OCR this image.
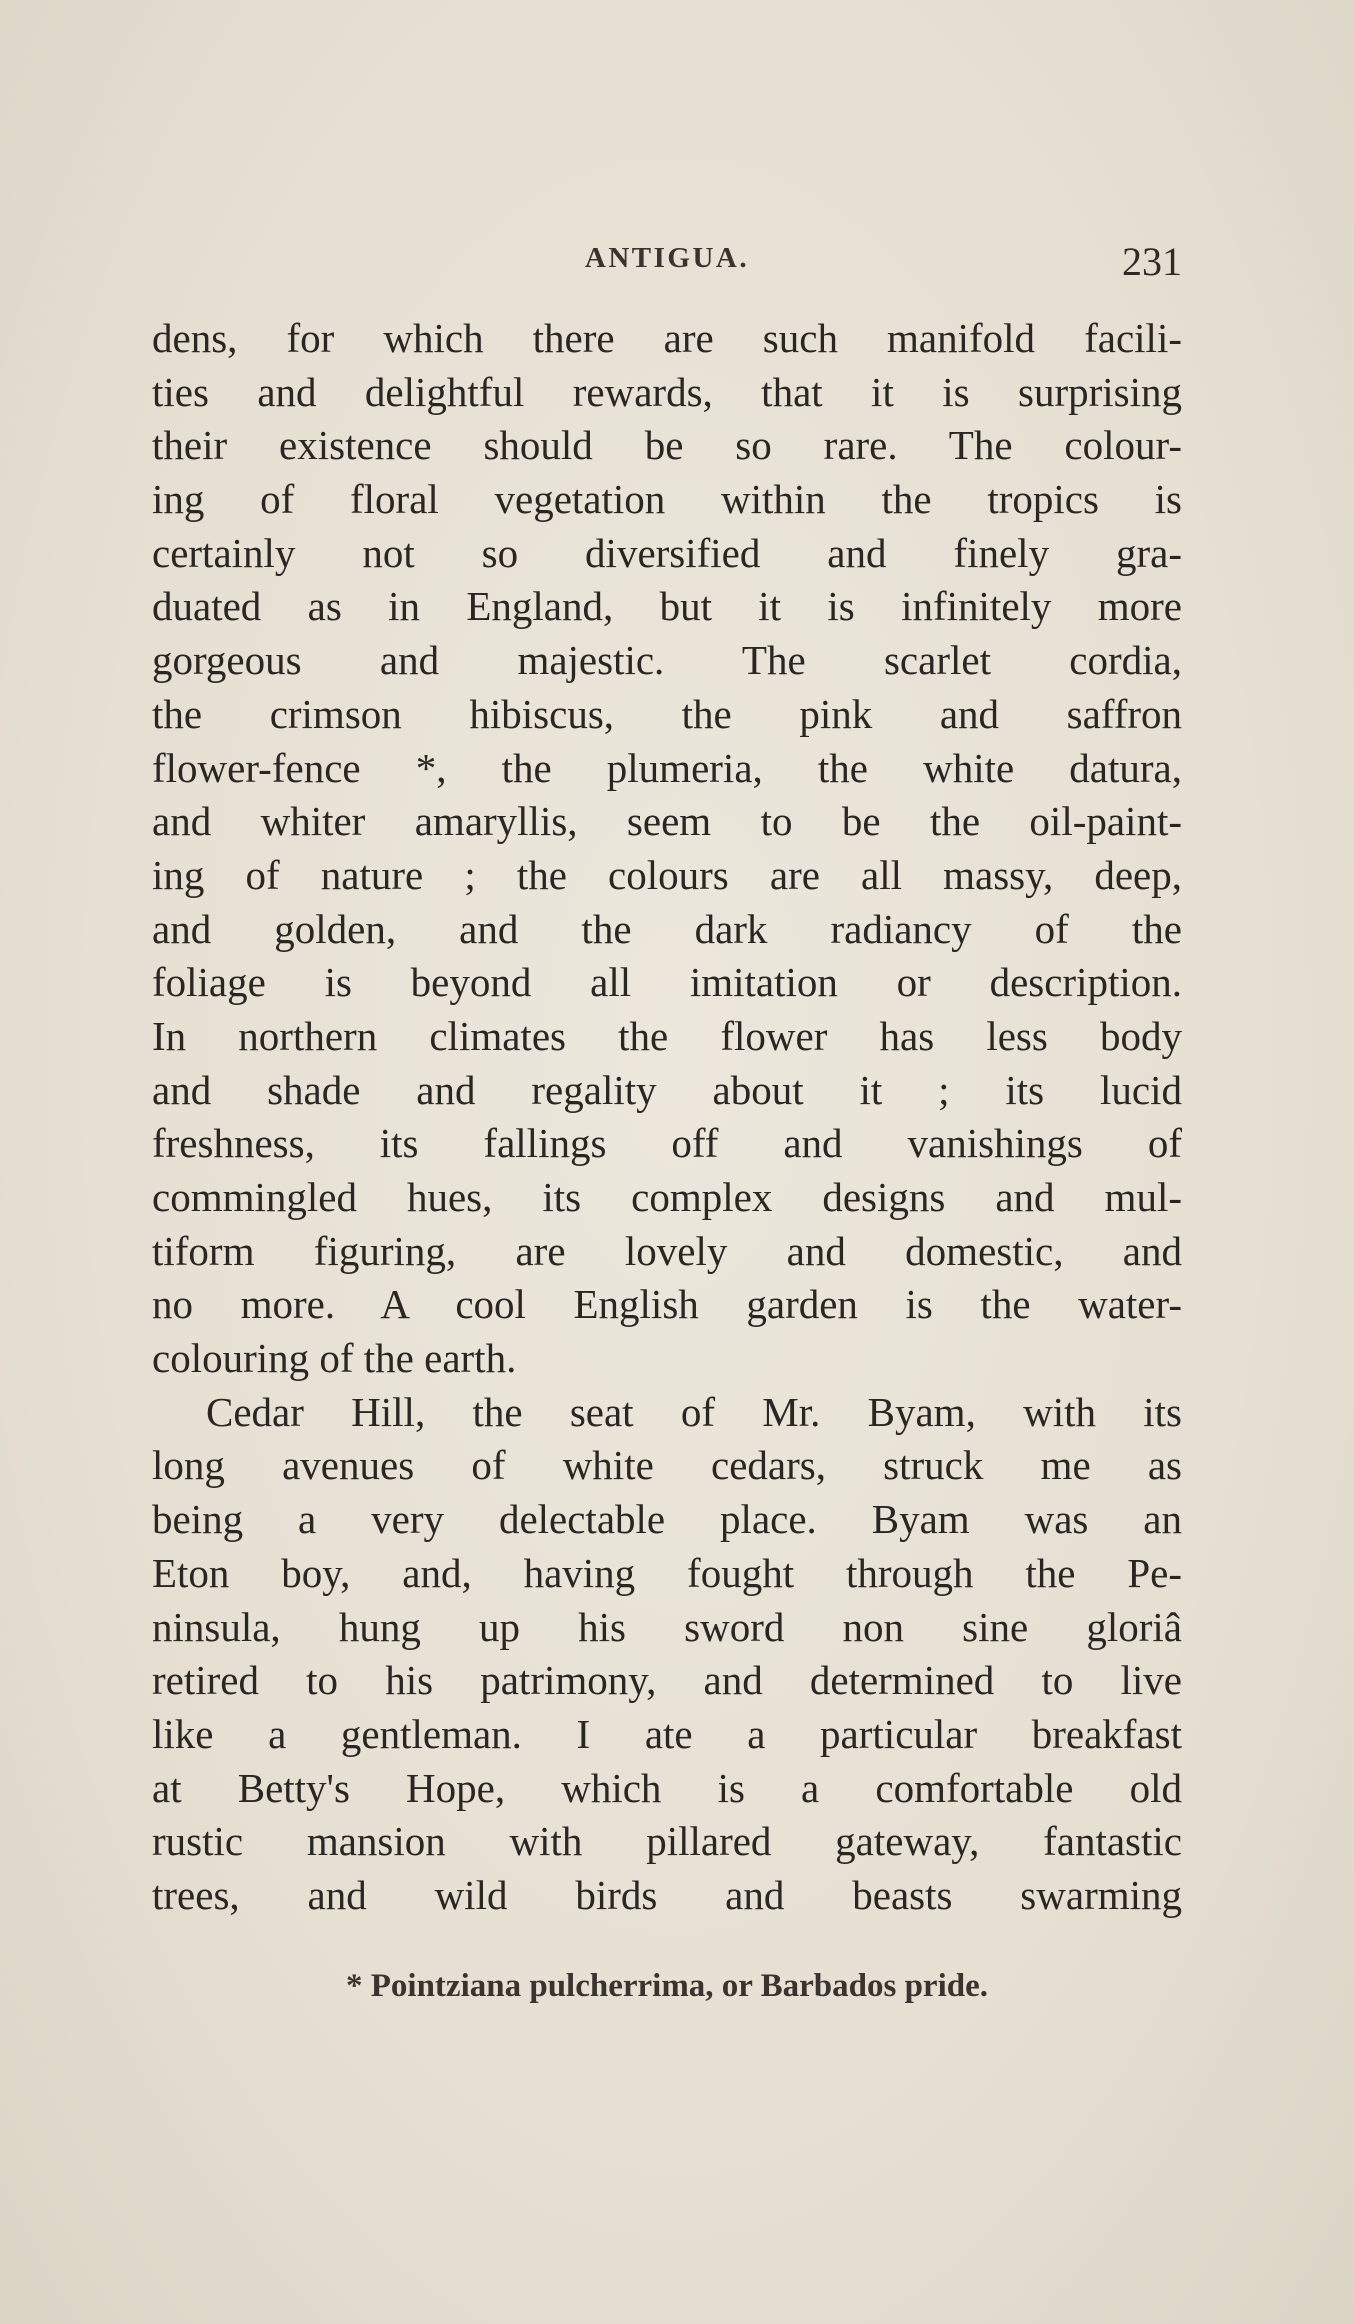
ANTIGUA.	231
dens, for which there are such manifold facili-
ties and delightful rewards, that it is surprising
their existence should be so rare. The colour-
ing of floral vegetation within the tropics is
certainly not so diversified and finely gra-
duated as in England, but it is infinitely more
gorgeous and majestic. The scarlet cordia,
the crimson hibiscus, the pink and saffron
flower-fence *, the plumeria, the white datura,
and whiter amaryllis, seem to be the oil-paint-
ing of nature ; the colours are all massy, deep,
and golden, and the dark radiancy of the
foliage is beyond all imitation or description.
In northern climates the flower has less body
and shade and regality about it ; its lucid
freshness, its fallings off and vanishings of
commingled hues, its complex designs and mul-
tiform figuring, are lovely and domestic, and
no more. A cool English garden is the water-
colouring of the earth.
Cedar Hill, the seat of Mr. Byam, with its
long avenues of white cedars, struck me as
being a very delectable place. Byam was an
Eton boy, and, having fought through the Pe-
ninsula, hung up his sword non sine gloriâ
retired to his patrimony, and determined to live
like a gentleman. I ate a particular breakfast
at Betty's Hope, which is a comfortable old
rustic mansion with pillared gateway, fantastic
trees, and wild birds and beasts swarming
* Pointziana pulcherrima, or Barbados pride.
